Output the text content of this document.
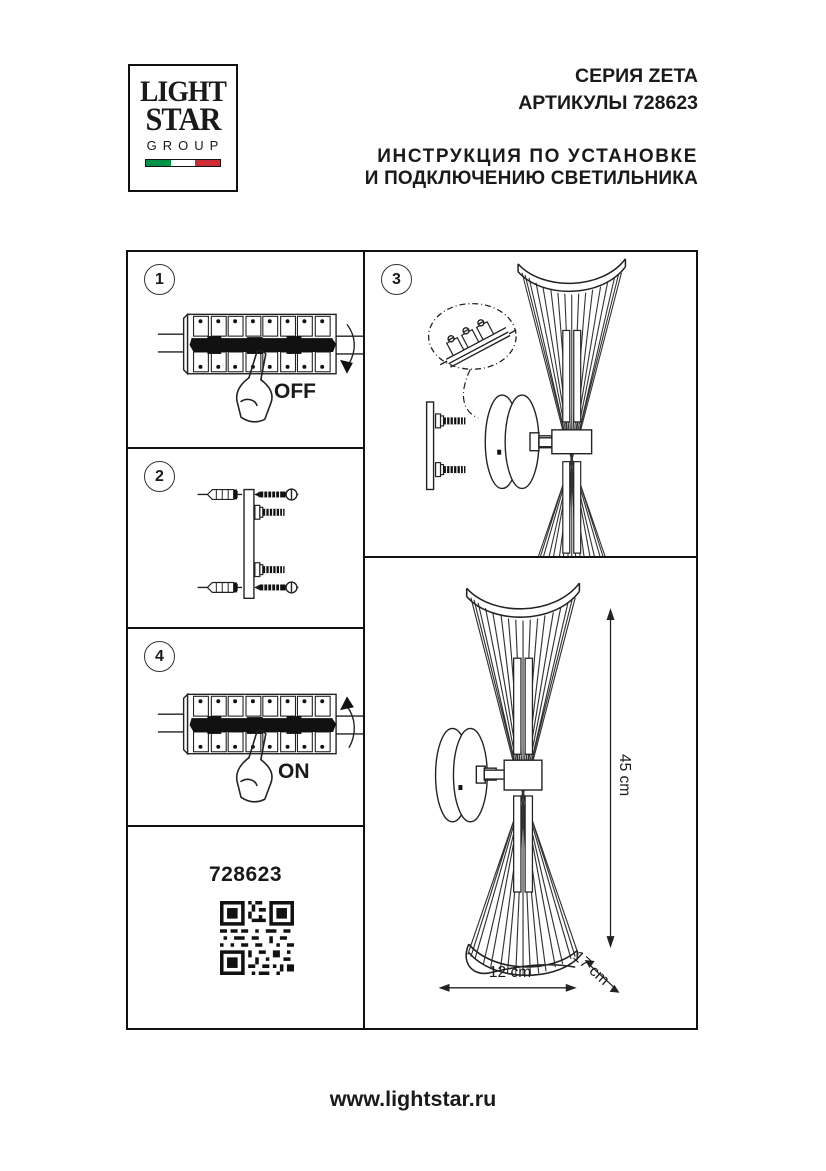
LIGHT
STAR
GROUP
СЕРИЯ ZETA
АРТИКУЛЫ 728623
ИНСТРУКЦИЯ ПО УСТАНОВКЕ
И ПОДКЛЮЧЕНИЮ СВЕТИЛЬНИКА
1
OFF
2
4
ON
728623
3
45 cm
12 cm	17 cm
www.lightstar.ru
